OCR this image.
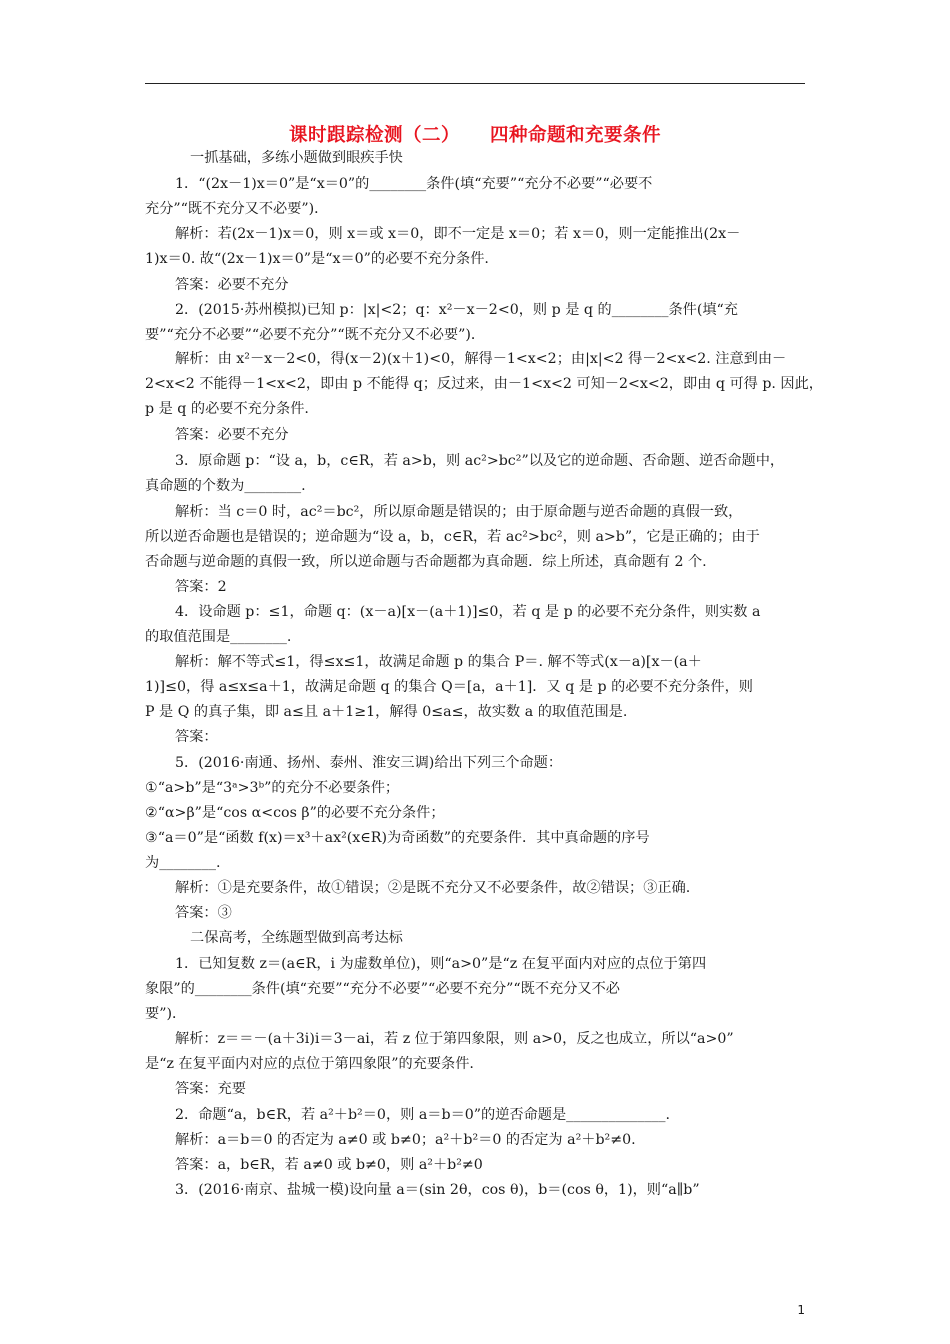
课时跟踪检测（二） 四种命题和充要条件
一抓基础，多练小题做到眼疾手快
1．“(2x－1)x＝0”是“x＝0”的________条件(填“充要”“充分不必要”“必要不
充分”“既不充分又不必要”)．
解析：若(2x－1)x＝0，则 x＝或 x＝0，即不一定是 x＝0；若 x＝0，则一定能推出(2x－
1)x＝0. 故“(2x－1)x＝0”是“x＝0”的必要不充分条件.
答案：必要不充分
2．(2015·苏州模拟)已知 p：|x|<2；q：x²－x－2<0，则 p 是 q 的________条件(填“充
要”“充分不必要”“必要不充分”“既不充分又不必要”)．
解析：由 x²－x－2<0，得(x－2)(x＋1)<0，解得－1<x<2；由|x|<2 得－2<x<2. 注意到由－
2<x<2 不能得－1<x<2，即由 p 不能得 q；反过来，由－1<x<2 可知－2<x<2，即由 q 可得 p. 因此，
p 是 q 的必要不充分条件.
答案：必要不充分
3．原命题 p：“设 a，b，c∈R，若 a>b，则 ac²>bc²”以及它的逆命题、否命题、逆否命题中，
真命题的个数为________.
解析：当 c＝0 时，ac²＝bc²，所以原命题是错误的；由于原命题与逆否命题的真假一致，
所以逆否命题也是错误的；逆命题为“设 a，b，c∈R，若 ac²>bc²，则 a>b”，它是正确的；由于
否命题与逆命题的真假一致，所以逆命题与否命题都为真命题．综上所述，真命题有 2 个.
答案：2
4．设命题 p：≤1，命题 q：(x－a)[x－(a＋1)]≤0，若 q 是 p 的必要不充分条件，则实数 a
的取值范围是________.
解析：解不等式≤1，得≤x≤1，故满足命题 p 的集合 P＝. 解不等式(x－a)[x－(a＋
1)]≤0，得 a≤x≤a＋1，故满足命题 q 的集合 Q＝[a，a＋1]．又 q 是 p 的必要不充分条件，则
P 是 Q 的真子集，即 a≤且 a＋1≥1，解得 0≤a≤，故实数 a 的取值范围是.
答案：
5．(2016·南通、扬州、泰州、淮安三调)给出下列三个命题：
①“a>b”是“3ᵃ>3ᵇ”的充分不必要条件；
②“α>β”是“cos α<cos β”的必要不充分条件；
③“a＝0”是“函数 f(x)＝x³＋ax²(x∈R)为奇函数”的充要条件．其中真命题的序号
为________.
解析：①是充要条件，故①错误；②是既不充分又不必要条件，故②错误；③正确.
答案：③
二保高考，全练题型做到高考达标
1．已知复数 z＝(a∈R，i 为虚数单位)，则“a>0”是“z 在复平面内对应的点位于第四
象限”的________条件(填“充要”“充分不必要”“必要不充分”“既不充分又不必
要”)．
解析：z＝＝－(a＋3i)i＝3－ai，若 z 位于第四象限，则 a>0，反之也成立，所以“a>0”
是“z 在复平面内对应的点位于第四象限”的充要条件.
答案：充要
2．命题“a，b∈R，若 a²＋b²＝0，则 a＝b＝0”的逆否命题是______________.
解析：a＝b＝0 的否定为 a≠0 或 b≠0；a²＋b²＝0 的否定为 a²＋b²≠0.
答案：a，b∈R，若 a≠0 或 b≠0，则 a²＋b²≠0
3．(2016·南京、盐城一模)设向量 a＝(sin 2θ，cos θ)，b＝(cos θ，1)，则“a∥b”
1
